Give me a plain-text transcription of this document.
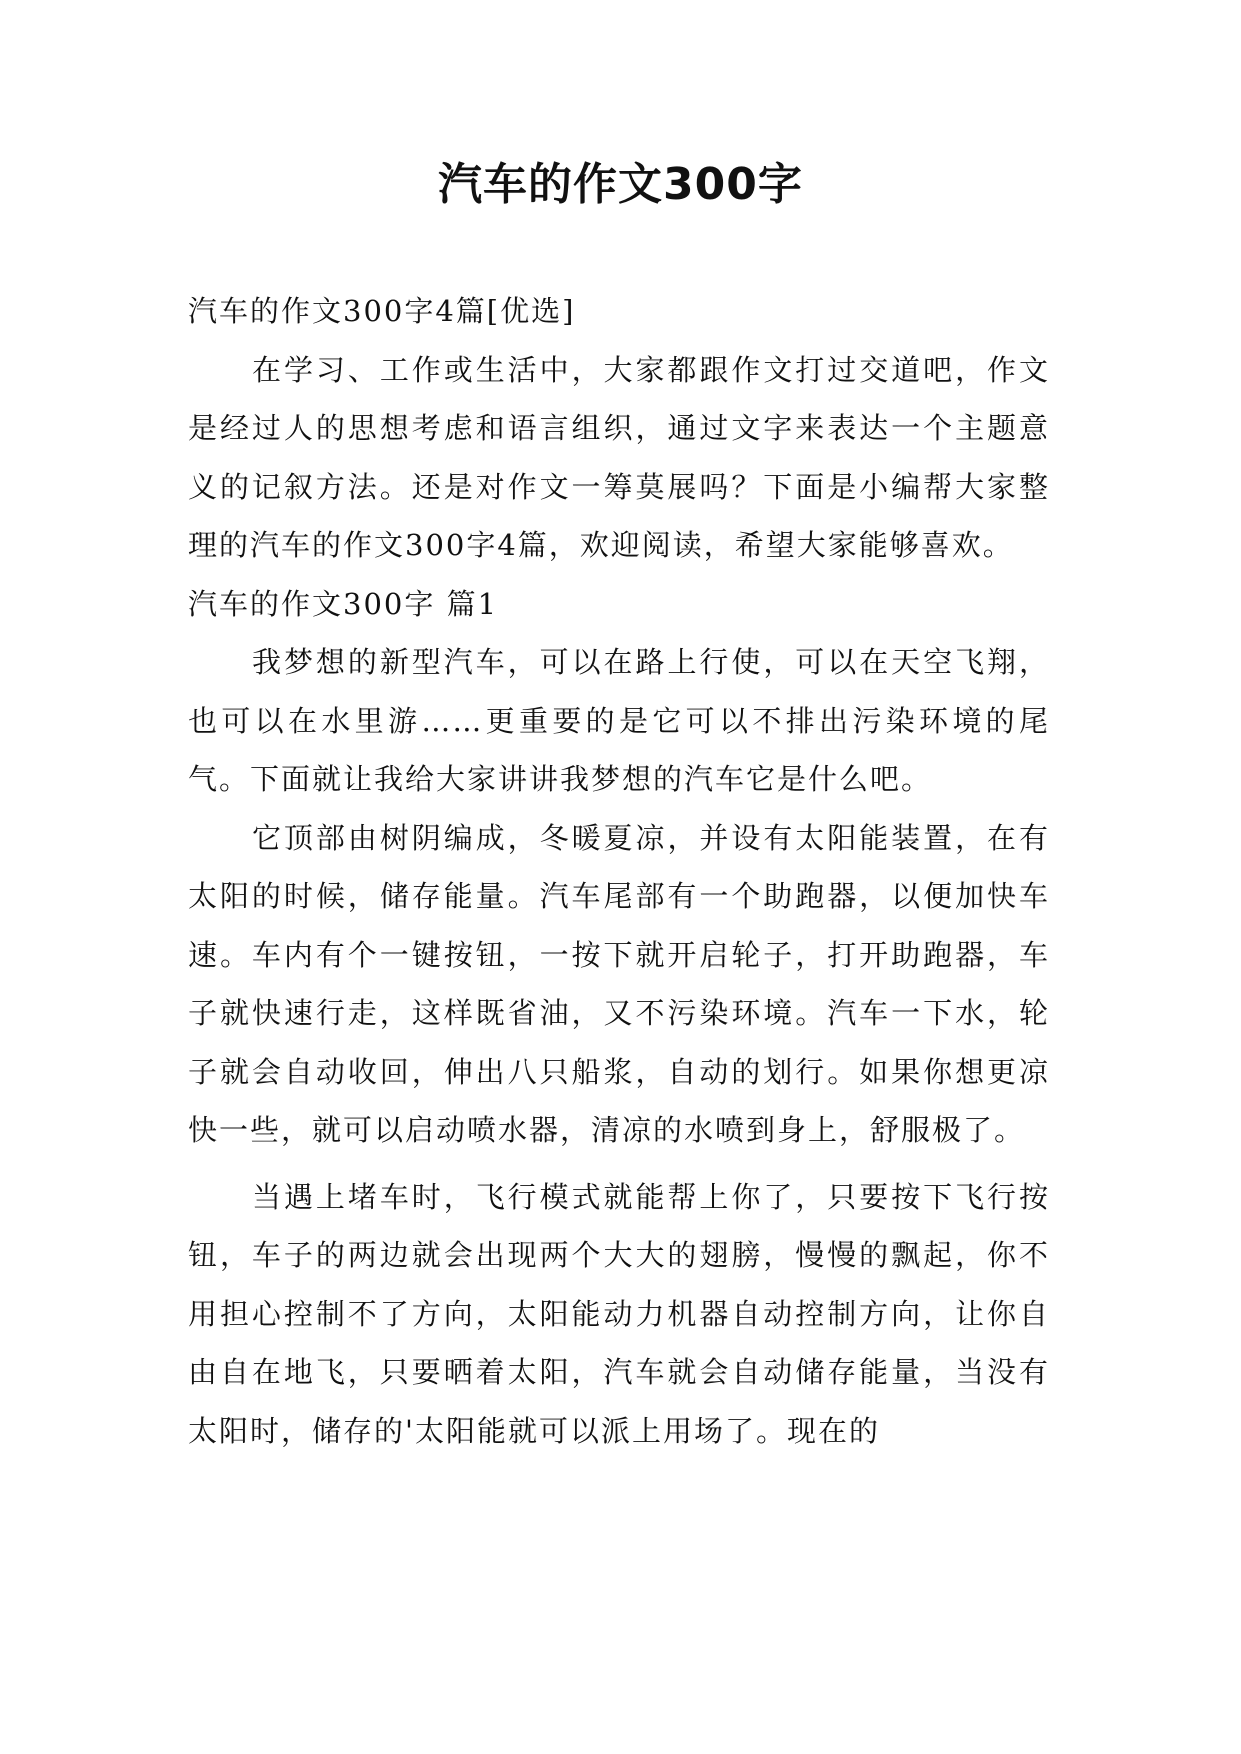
汽车的作文300字

汽车的作文300字4篇[优选]

在学习、工作或生活中，大家都跟作文打过交道吧，作文是经过人的思想考虑和语言组织，通过文字来表达一个主题意义的记叙方法。还是对作文一筹莫展吗？下面是小编帮大家整理的汽车的作文300字4篇，欢迎阅读，希望大家能够喜欢。

汽车的作文300字 篇1

我梦想的新型汽车，可以在路上行使，可以在天空飞翔，也可以在水里游……更重要的是它可以不排出污染环境的尾气。下面就让我给大家讲讲我梦想的汽车它是什么吧。

它顶部由树阴编成，冬暖夏凉，并设有太阳能装置，在有太阳的时候，储存能量。汽车尾部有一个助跑器，以便加快车速。车内有个一键按钮，一按下就开启轮子，打开助跑器，车子就快速行走，这样既省油，又不污染环境。汽车一下水，轮子就会自动收回，伸出八只船浆，自动的划行。如果你想更凉快一些，就可以启动喷水器，清凉的水喷到身上，舒服极了。

当遇上堵车时，飞行模式就能帮上你了，只要按下飞行按钮，车子的两边就会出现两个大大的翅膀，慢慢的飘起，你不用担心控制不了方向，太阳能动力机器自动控制方向，让你自由自在地飞，只要晒着太阳，汽车就会自动储存能量，当没有太阳时，储存的'太阳能就可以派上用场了。现在的
